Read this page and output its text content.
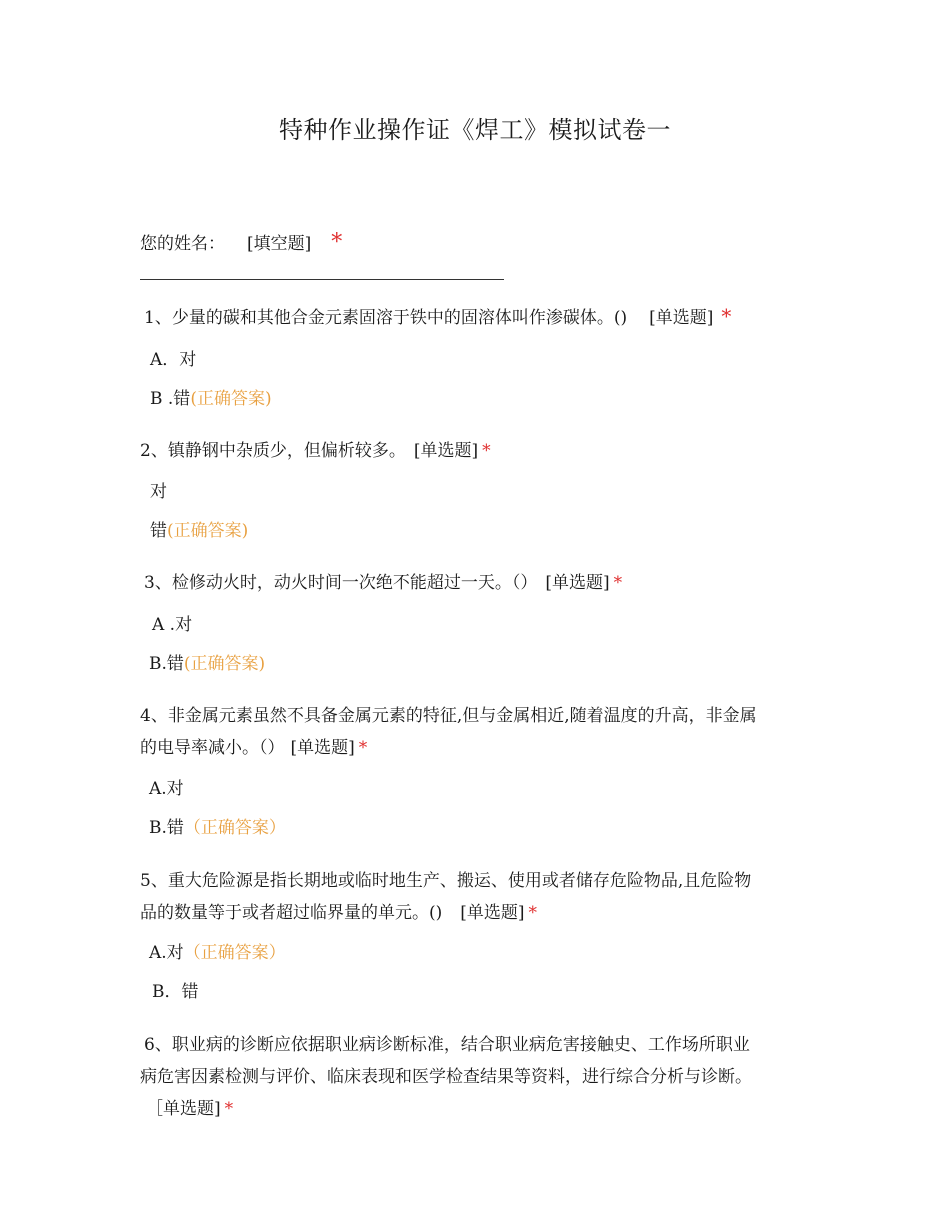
特种作业操作证《焊工》模拟试卷一
您的姓名： [填空题] *
1、少量的碳和其他合金元素固溶于铁中的固溶体叫作渗碳体。() [单选题] *
A．对
B .错(正确答案)
2、镇静钢中杂质少，但偏析较多。 [单选题] *
对
错(正确答案)
3、检修动火时，动火时间一次绝不能超过一天。（） [单选题] *
A .对
B.错(正确答案)
4、非金属元素虽然不具备金属元素的特征,但与金属相近,随着温度的升高，非金属
的电导率减小。（） [单选题] *
A.对
B.错（正确答案）
5、重大危险源是指长期地或临时地生产、搬运、使用或者储存危险物品,且危险物
品的数量等于或者超过临界量的单元。() [单选题] *
A.对（正确答案）
B．错
6、职业病的诊断应依据职业病诊断标准，结合职业病危害接触史、工作场所职业
病危害因素检测与评价、临床表现和医学检查结果等资料，进行综合分析与诊断。
［单选题] *
